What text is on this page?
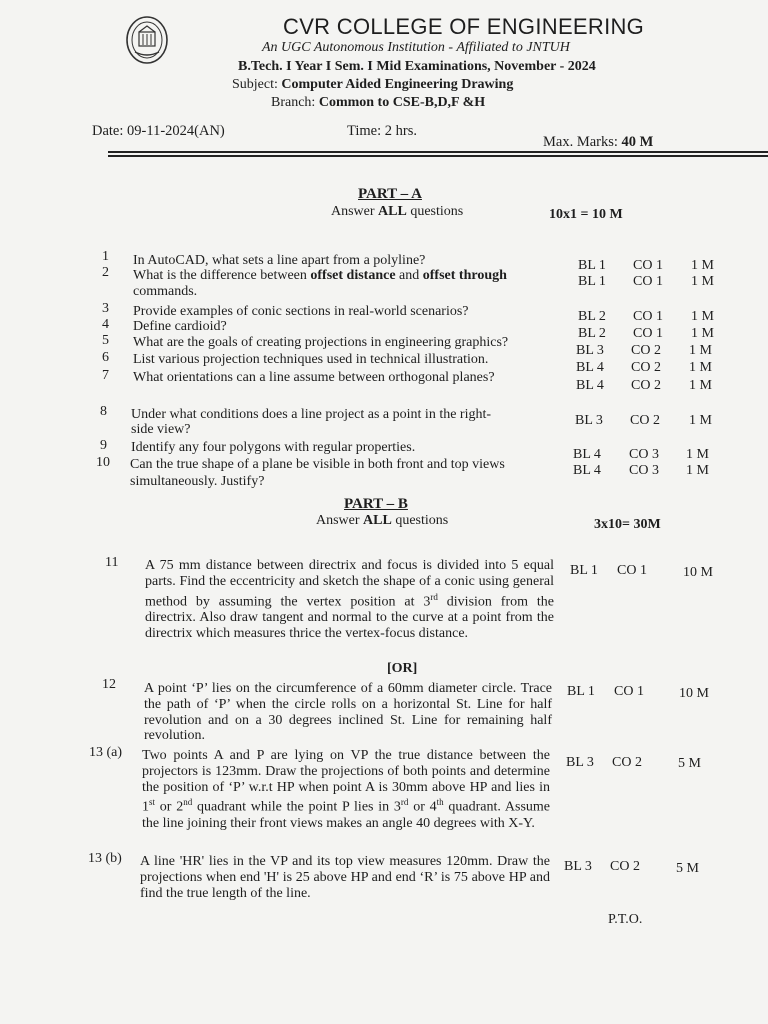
CVR COLLEGE OF ENGINEERING
An UGC Autonomous Institution - Affiliated to JNTUH
B.Tech. I Year I Sem. I Mid Examinations, November - 2024
Subject: Computer Aided Engineering Drawing
Branch: Common to CSE-B,D,F &H
Date: 09-11-2024(AN)	Time: 2 hrs.
Max. Marks: 40 M
PART – A
Answer ALL questions	10x1 = 10 M
1 In AutoCAD, what sets a line apart from a polyline?	BL 1 CO 1 1 M
2 What is the difference between offset distance and offset through
commands.
BL 1 CO 1 1 M
3 Provide examples of conic sections in real-world scenarios?	BL 2 CO 1 1 M
4 Define cardioid?	BL 2 CO 1 1 M
5 What are the goals of creating projections in engineering graphics?
BL 3 CO 2 1 M
6 List various projection techniques used in technical illustration.
BL 4 CO 2 1 M
7 What orientations can a line assume between orthogonal planes?
BL 4 CO 2 1 M
8 Under what conditions does a line project as a point in the right-
side view?
BL 3 CO 2 1 M
9 Identify any four polygons with regular properties.	BL 4 CO 3 1 M
10 Can the true shape of a plane be visible in both front and top views
simultaneously. Justify?
BL 4 CO 3 1 M
PART – B
Answer ALL questions	3x10= 30M
11 A 75 mm distance between directrix and focus is divided into 5 equal parts. Find the eccentricity and sketch the shape of a conic using general method by assuming the vertex position at 3rd division from the directrix. Also draw tangent and normal to the curve at a point from the directrix which measures thrice the vertex-focus distance.
BL 1 CO 1	10 M
[OR]
12 A point ‘P’ lies on the circumference of a 60mm diameter circle. Trace the path of ‘P’ when the circle rolls on a horizontal St. Line for half revolution and on a 30 degrees inclined St. Line for remaining half revolution.
BL 1 CO 1	10 M
13 (a) Two points A and P are lying on VP the true distance between the projectors is 123mm. Draw the projections of both points and determine the position of ‘P’ w.r.t HP when point A is 30mm above HP and lies in 1st or 2nd quadrant while the point P lies in 3rd or 4th quadrant. Assume the line joining their front views makes an angle 40 degrees with X-Y.
BL 3 CO 2	5 M
13 (b) A line 'HR' lies in the VP and its top view measures 120mm. Draw the projections when end 'H' is 25 above HP and end ‘R’ is 75 above HP and find the true length of the line.
BL 3 CO 2	5 M
P.T.O.
